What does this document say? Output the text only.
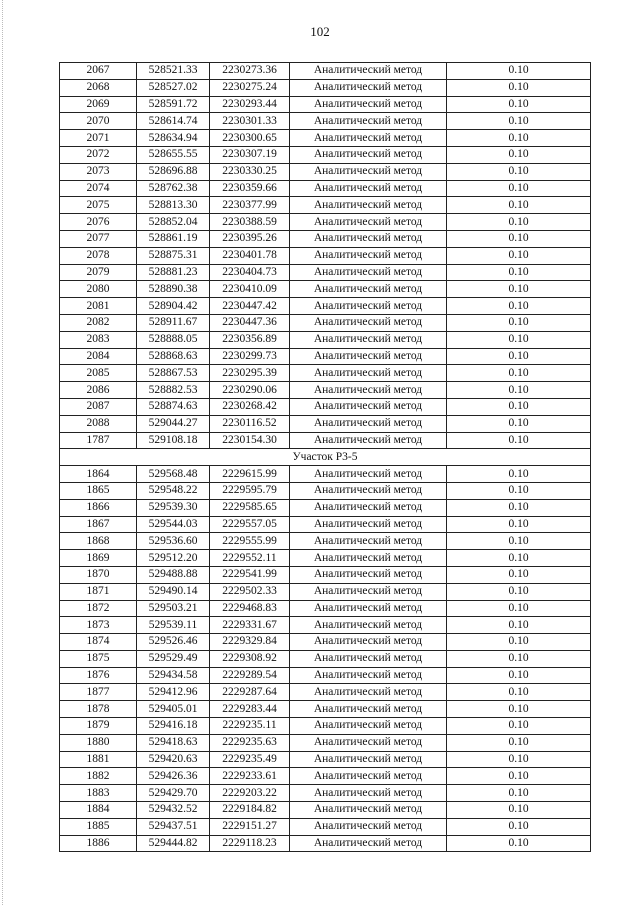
102
2067	528521.33	2230273.36	Аналитический метод	0.10
2068	528527.02	2230275.24	Аналитический метод	0.10
2069	528591.72	2230293.44	Аналитический метод	0.10
2070	528614.74	2230301.33	Аналитический метод	0.10
2071	528634.94	2230300.65	Аналитический метод	0.10
2072	528655.55	2230307.19	Аналитический метод	0.10
2073	528696.88	2230330.25	Аналитический метод	0.10
2074	528762.38	2230359.66	Аналитический метод	0.10
2075	528813.30	2230377.99	Аналитический метод	0.10
2076	528852.04	2230388.59	Аналитический метод	0.10
2077	528861.19	2230395.26	Аналитический метод	0.10
2078	528875.31	2230401.78	Аналитический метод	0.10
2079	528881.23	2230404.73	Аналитический метод	0.10
2080	528890.38	2230410.09	Аналитический метод	0.10
2081	528904.42	2230447.42	Аналитический метод	0.10
2082	528911.67	2230447.36	Аналитический метод	0.10
2083	528888.05	2230356.89	Аналитический метод	0.10
2084	528868.63	2230299.73	Аналитический метод	0.10
2085	528867.53	2230295.39	Аналитический метод	0.10
2086	528882.53	2230290.06	Аналитический метод	0.10
2087	528874.63	2230268.42	Аналитический метод	0.10
2088	529044.27	2230116.52	Аналитический метод	0.10
1787	529108.18	2230154.30	Аналитический метод	0.10
Участок Р3-5				
1864	529568.48	2229615.99	Аналитический метод	0.10
1865	529548.22	2229595.79	Аналитический метод	0.10
1866	529539.30	2229585.65	Аналитический метод	0.10
1867	529544.03	2229557.05	Аналитический метод	0.10
1868	529536.60	2229555.99	Аналитический метод	0.10
1869	529512.20	2229552.11	Аналитический метод	0.10
1870	529488.88	2229541.99	Аналитический метод	0.10
1871	529490.14	2229502.33	Аналитический метод	0.10
1872	529503.21	2229468.83	Аналитический метод	0.10
1873	529539.11	2229331.67	Аналитический метод	0.10
1874	529526.46	2229329.84	Аналитический метод	0.10
1875	529529.49	2229308.92	Аналитический метод	0.10
1876	529434.58	2229289.54	Аналитический метод	0.10
1877	529412.96	2229287.64	Аналитический метод	0.10
1878	529405.01	2229283.44	Аналитический метод	0.10
1879	529416.18	2229235.11	Аналитический метод	0.10
1880	529418.63	2229235.63	Аналитический метод	0.10
1881	529420.63	2229235.49	Аналитический метод	0.10
1882	529426.36	2229233.61	Аналитический метод	0.10
1883	529429.70	2229203.22	Аналитический метод	0.10
1884	529432.52	2229184.82	Аналитический метод	0.10
1885	529437.51	2229151.27	Аналитический метод	0.10
1886	529444.82	2229118.23	Аналитический метод	0.10
